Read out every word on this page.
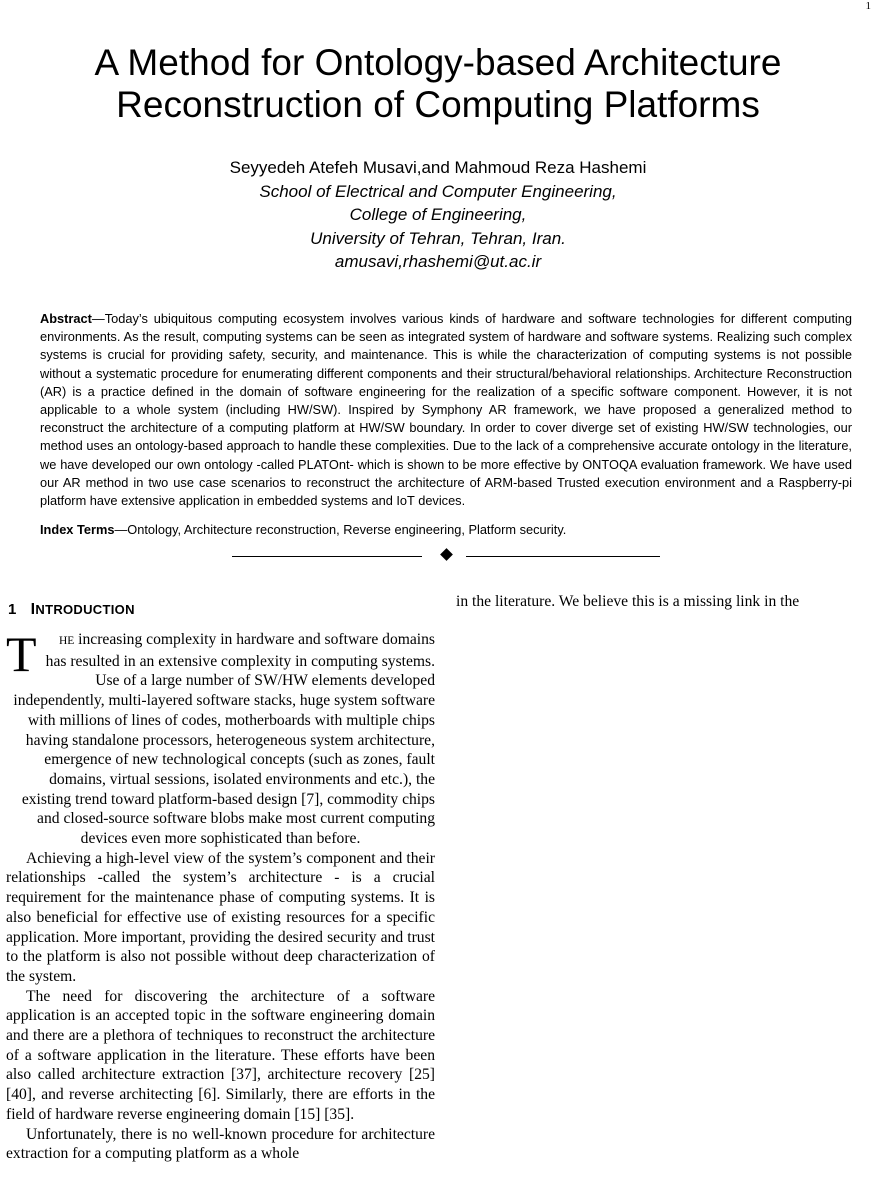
1
A Method for Ontology-based Architecture
Reconstruction of Computing Platforms
Seyyedeh Atefeh Musavi,and Mahmoud Reza Hashemi
School of Electrical and Computer Engineering,
College of Engineering,
University of Tehran, Tehran, Iran.
amusavi,rhashemi@ut.ac.ir

Abstract—Today’s ubiquitous computing ecosystem involves various kinds of hardware and software technologies for different computing environments. As the result, computing systems can be seen as integrated system of hardware and software systems. Realizing such complex systems is crucial for providing safety, security, and maintenance. This is while the characterization of computing systems is not possible without a systematic procedure for enumerating different components and their structural/behavioral relationships. Architecture Reconstruction (AR) is a practice defined in the domain of software engineering for the realization of a specific software component. However, it is not applicable to a whole system (including HW/SW). Inspired by Symphony AR framework, we have proposed a generalized method to reconstruct the architecture of a computing platform at HW/SW boundary. In order to cover diverge set of existing HW/SW technologies, our method uses an ontology-based approach to handle these complexities. Due to the lack of a comprehensive accurate ontology in the literature, we have developed our own ontology -called PLATOnt- which is shown to be more effective by ONTOQA evaluation framework. We have used our AR method in two use case scenarios to reconstruct the architecture of ARM-based Trusted execution environment and a Raspberry-pi platform have extensive application in embedded systems and IoT devices.

Index Terms—Ontology, Architecture reconstruction, Reverse engineering, Platform security.

1 INTRODUCTION

T HE increasing complexity in hardware and software domains has resulted in an extensive complexity in computing systems. Use of a large number of SW/HW elements developed independently, multi-layered software stacks, huge system software with millions of lines of codes, motherboards with multiple chips having standalone processors, heterogeneous system architecture, emergence of new technological concepts (such as zones, fault domains, virtual sessions, isolated environments and etc.), the existing trend toward platform-based design [7], commodity chips and closed-source software blobs make most current computing devices even more sophisticated than before.

Achieving a high-level view of the system’s component and their relationships -called the system’s architecture - is a crucial requirement for the maintenance phase of computing systems. It is also beneficial for effective use of existing resources for a specific application. More important, providing the desired security and trust to the platform is also not possible without deep characterization of the system.

The need for discovering the architecture of a software application is an accepted topic in the software engineering domain and there are a plethora of techniques to reconstruct the architecture of a software application in the literature. These efforts have been also called architecture extraction [37], architecture recovery [25] [40], and reverse architecting [6]. Similarly, there are efforts in the field of hardware reverse engineering domain [15] [35].

Unfortunately, there is no well-known procedure for architecture extraction for a computing platform as a whole

in the literature. We believe this is a missing link in the
